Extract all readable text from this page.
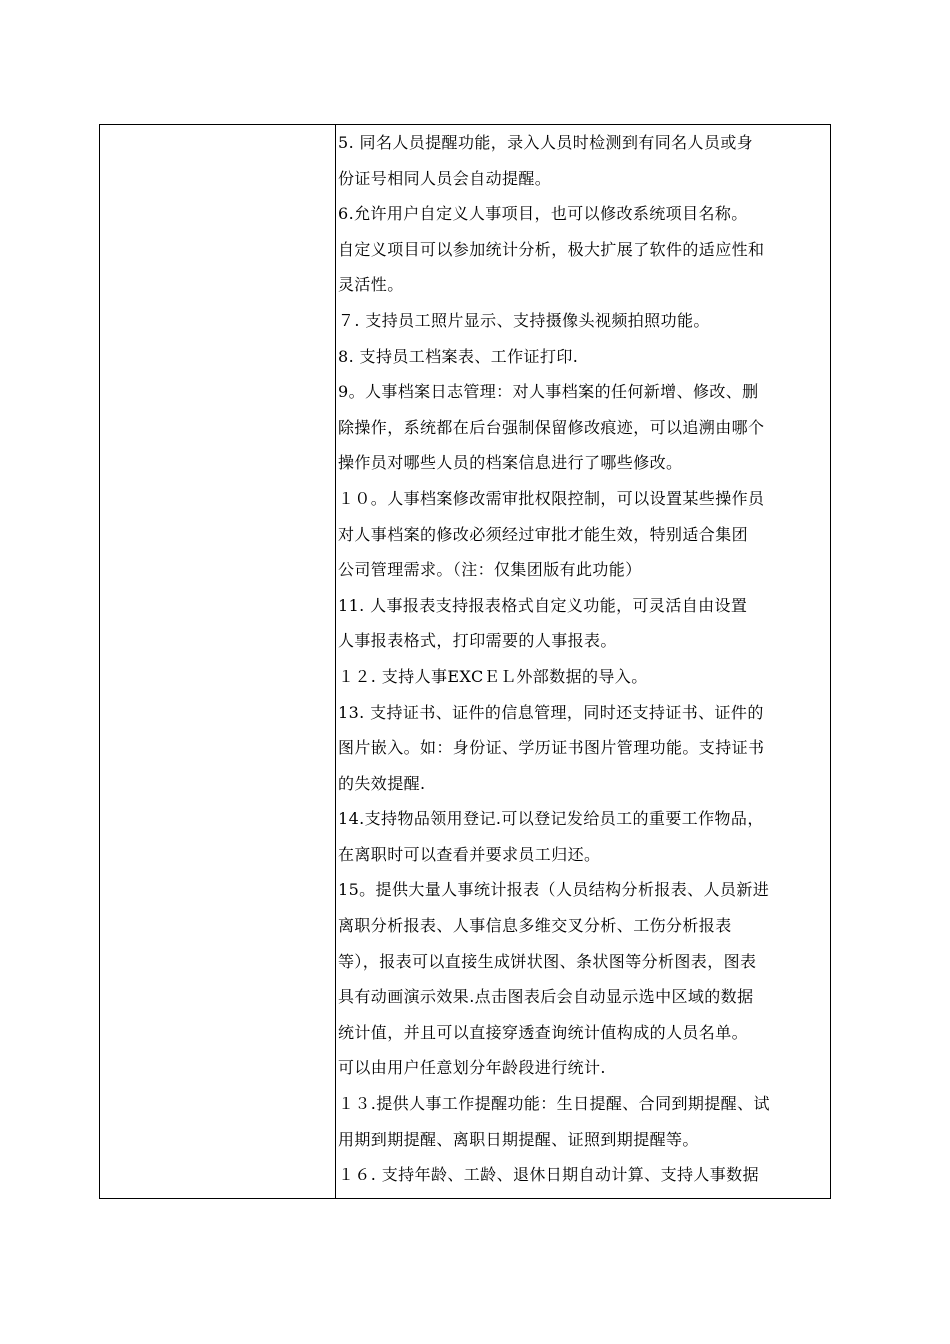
5. 同名人员提醒功能，录入人员时检测到有同名人员或身
份证号相同人员会自动提醒。
6.允许用户自定义人事项目，也可以修改系统项目名称。
自定义项目可以参加统计分析，极大扩展了软件的适应性和
灵活性。
７. 支持员工照片显示、支持摄像头视频拍照功能。
8. 支持员工档案表、工作证打印.
9。人事档案日志管理：对人事档案的任何新增、修改、删
除操作，系统都在后台强制保留修改痕迹，可以追溯由哪个
操作员对哪些人员的档案信息进行了哪些修改。
１０。人事档案修改需审批权限控制，可以设置某些操作员
对人事档案的修改必须经过审批才能生效，特别适合集团
公司管理需求。（注：仅集团版有此功能）
11. 人事报表支持报表格式自定义功能，可灵活自由设置
人事报表格式，打印需要的人事报表。
１２. 支持人事EXCＥＬ外部数据的导入。
13. 支持证书、证件的信息管理，同时还支持证书、证件的
图片嵌入。如：身份证、学历证书图片管理功能。支持证书
的失效提醒.
14.支持物品领用登记.可以登记发给员工的重要工作物品，
在离职时可以查看并要求员工归还。
15。提供大量人事统计报表（人员结构分析报表、人员新进
离职分析报表、人事信息多维交叉分析、工伤分析报表
等），报表可以直接生成饼状图、条状图等分析图表，图表
具有动画演示效果.点击图表后会自动显示选中区域的数据
统计值，并且可以直接穿透查询统计值构成的人员名单。
可以由用户任意划分年龄段进行统计.
１３.提供人事工作提醒功能：生日提醒、合同到期提醒、试
用期到期提醒、离职日期提醒、证照到期提醒等。
１６. 支持年龄、工龄、退休日期自动计算、支持人事数据
